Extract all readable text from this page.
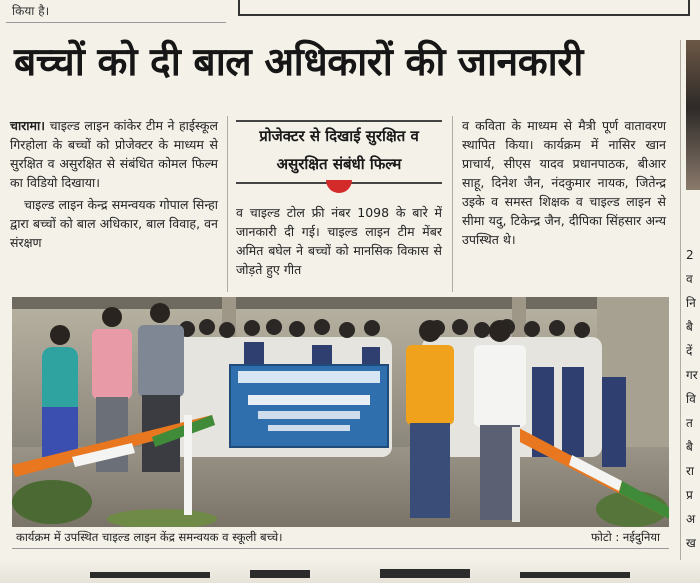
किया है।
बच्चों को दी बाल अधिकारों की जानकारी

चारामा। चाइल्ड लाइन कांकेर टीम ने हाईस्कूल गिरहोला के बच्चों को प्रोजेक्टर के माध्यम से सुरक्षित व असुरक्षित से संबंधित कोमल फिल्म का विडियो दिखाया।

चाइल्ड लाइन केन्द्र समन्वयक गोपाल सिन्हा द्वारा बच्चों को बाल अधिकार, बाल विवाह, वन संरक्षण

प्रोजेक्टर से दिखाई सुरक्षित व असुरक्षित संबंधी फिल्म
व चाइल्ड टोल फ्री नंबर 1098 के बारे में जानकारी दी गई। चाइल्ड लाइन टीम मेंबर अमित बघेल ने बच्चों को मानसिक विकास से जोड़ते हुए गीत
व कविता के माध्यम से मैत्री पूर्ण वातावरण स्थापित किया। कार्यक्रम में नासिर खान प्राचार्य, सीएस यादव प्रधानपाठक, बीआर साहू, दिनेश जैन, नंदकुमार नायक, जितेन्द्र उइके व समस्त शिक्षक व चाइल्ड लाइन से सीमा यदु, टिकेन्द्र जैन, दीपिका सिंहसार अन्य उपस्थित थे।
2
व
नि
बै
दें
गर
वि
त
बै
रा
प्र
अ
ख
कार्यक्रम में उपस्थित चाइल्ड लाइन केंद्र समन्वयक व स्कूली बच्चे।	फोटो : नईदुनिया
